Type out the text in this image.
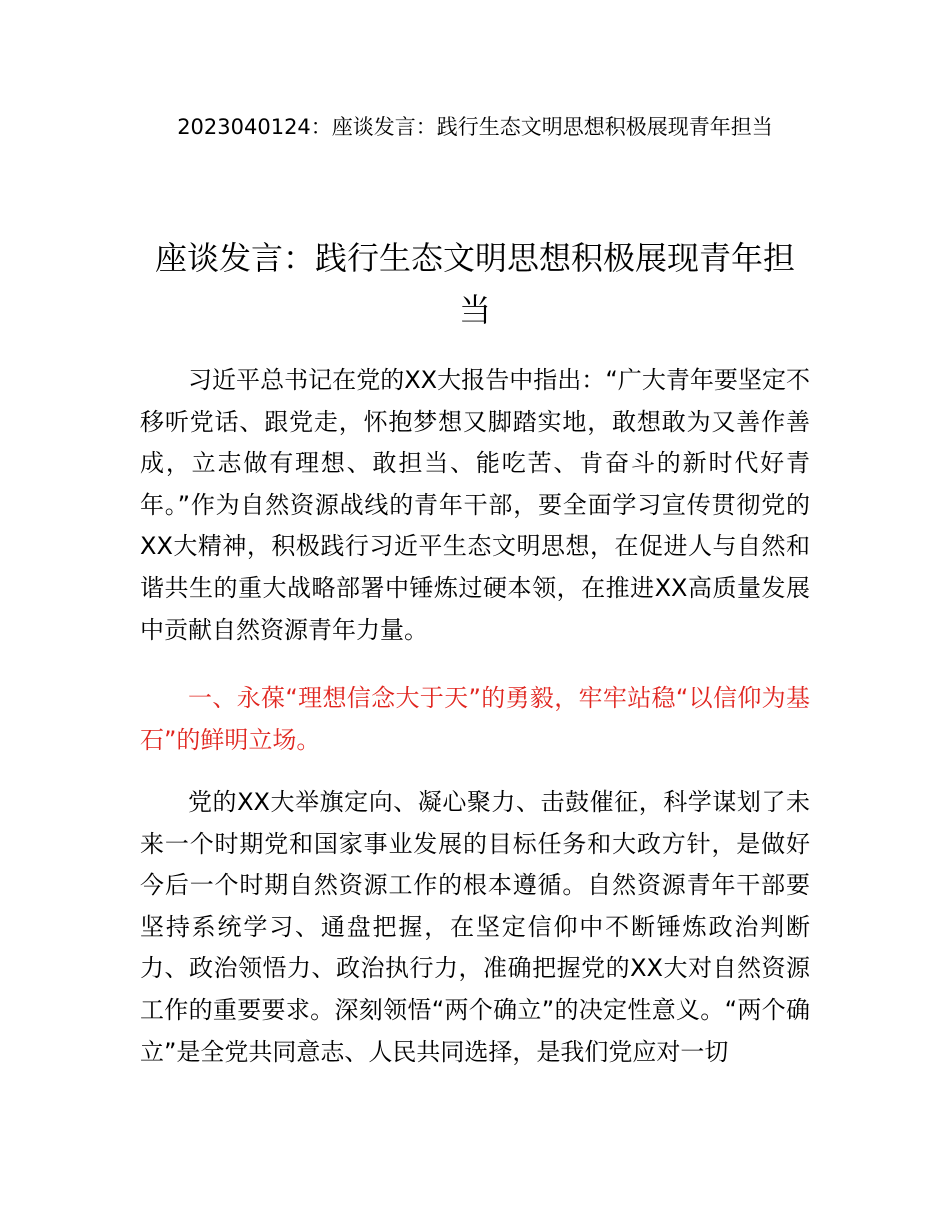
2023040124：座谈发言：践行生态文明思想积极展现青年担当
座谈发言：践行生态文明思想积极展现青年担当

习近平总书记在党的XX大报告中指出：“广大青年要坚定不移听党话、跟党走，怀抱梦想又脚踏实地，敢想敢为又善作善成，立志做有理想、敢担当、能吃苦、肯奋斗的新时代好青年。”作为自然资源战线的青年干部，要全面学习宣传贯彻党的XX大精神，积极践行习近平生态文明思想，在促进人与自然和谐共生的重大战略部署中锤炼过硬本领，在推进XX高质量发展中贡献自然资源青年力量。

一、永葆“理想信念大于天”的勇毅，牢牢站稳“以信仰为基石”的鲜明立场。

党的XX大举旗定向、凝心聚力、击鼓催征，科学谋划了未来一个时期党和国家事业发展的目标任务和大政方针，是做好今后一个时期自然资源工作的根本遵循。自然资源青年干部要坚持系统学习、通盘把握，在坚定信仰中不断锤炼政治判断力、政治领悟力、政治执行力，准确把握党的XX大对自然资源工作的重要要求。深刻领悟“两个确立”的决定性意义。“两个确立”是全党共同意志、人民共同选择，是我们党应对一切
